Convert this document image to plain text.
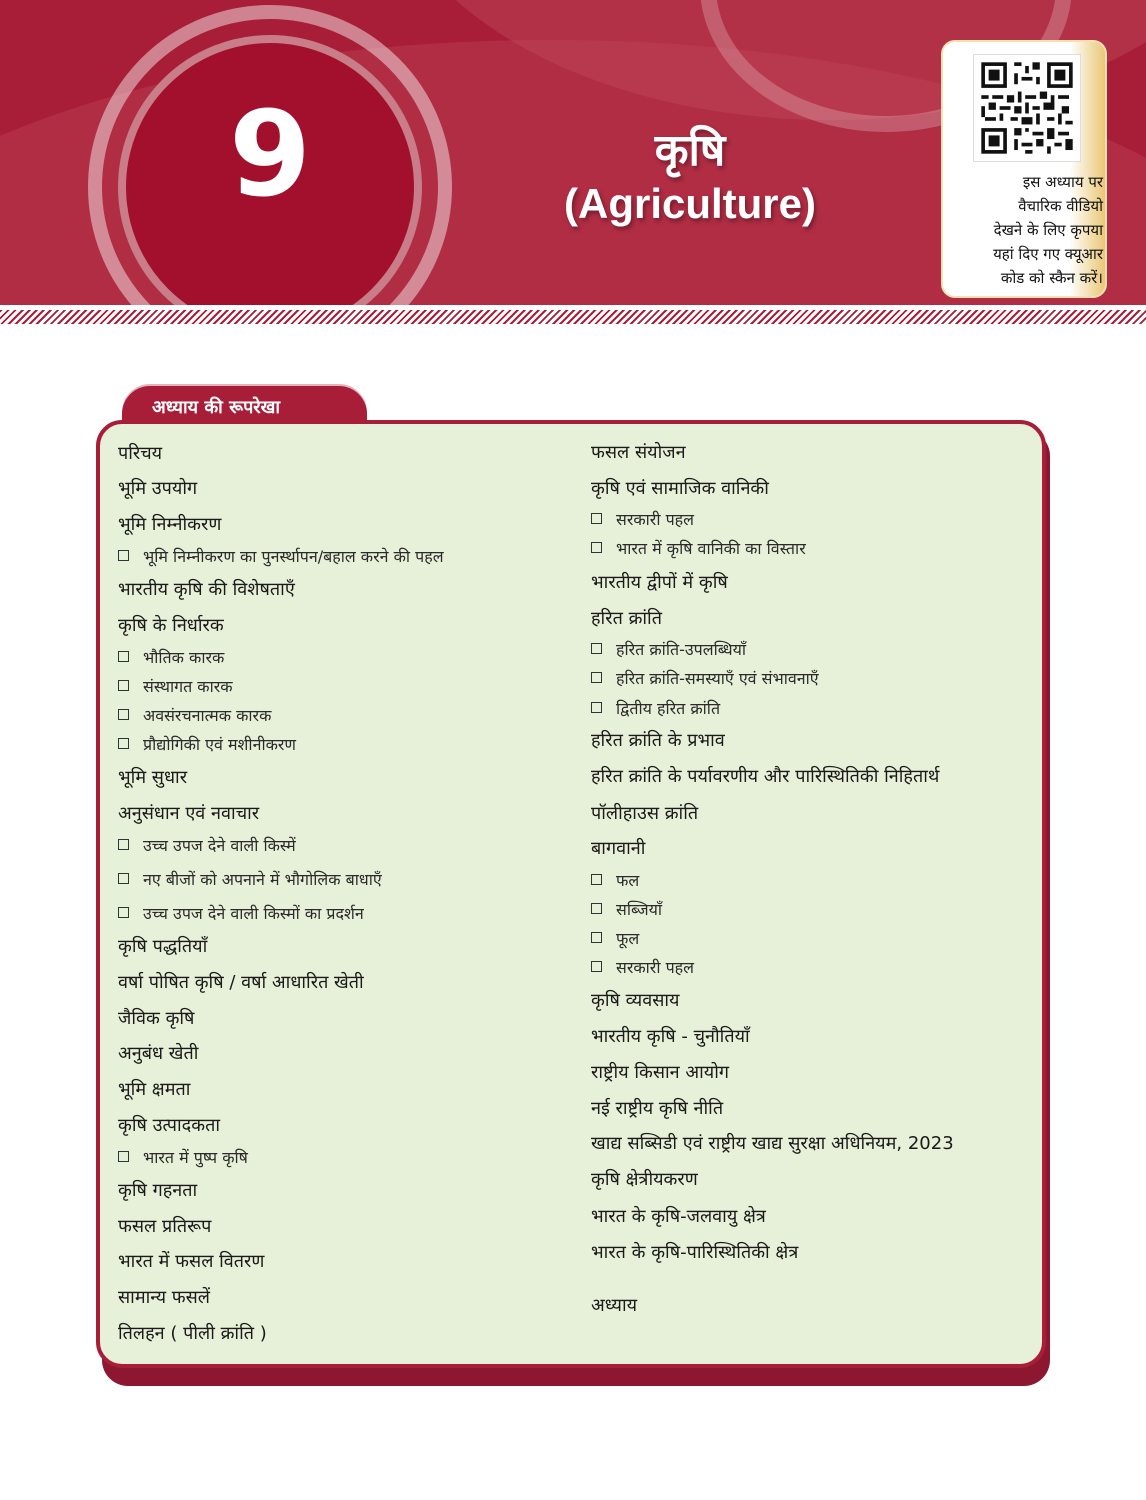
9	कृषि
(Agriculture)	इस अध्याय पर
वैचारिक वीडियो
देखने के लिए कृपया
यहां दिए गए क्यूआर
कोड को स्कैन करें।
अध्याय की रूपरेखा
परिचय
भूमि उपयोग
भूमि निम्नीकरण
भूमि निम्नीकरण का पुनर्स्थापन/बहाल करने की पहल
भारतीय कृषि की विशेषताएँ
कृषि के निर्धारक
भौतिक कारक
संस्थागत कारक
अवसंरचनात्मक कारक
प्रौद्योगिकी एवं मशीनीकरण
भूमि सुधार
अनुसंधान एवं नवाचार
उच्च उपज देने वाली किस्में
नए बीजों को अपनाने में भौगोलिक बाधाएँ
उच्च उपज देने वाली किस्मों का प्रदर्शन
कृषि पद्धतियाँ
वर्षा पोषित कृषि / वर्षा आधारित खेती
जैविक कृषि
अनुबंध खेती
भूमि क्षमता
कृषि उत्पादकता
भारत में पुष्प कृषि
कृषि गहनता
फसल प्रतिरूप
भारत में फसल वितरण
सामान्य फसलें
तिलहन ( पीली क्रांति )
फसल संयोजन
कृषि एवं सामाजिक वानिकी
सरकारी पहल
भारत में कृषि वानिकी का विस्तार
भारतीय द्वीपों में कृषि
हरित क्रांति
हरित क्रांति-उपलब्धियाँ
हरित क्रांति-समस्याएँ एवं संभावनाएँ
द्वितीय हरित क्रांति
हरित क्रांति के प्रभाव
हरित क्रांति के पर्यावरणीय और पारिस्थितिकी निहितार्थ
पॉलीहाउस क्रांति
बागवानी
फल
सब्जियाँ
फूल
सरकारी पहल
कृषि व्यवसाय
भारतीय कृषि - चुनौतियाँ
राष्ट्रीय किसान आयोग
नई राष्ट्रीय कृषि नीति
खाद्य सब्सिडी एवं राष्ट्रीय खाद्य सुरक्षा अधिनियम, 2023
कृषि क्षेत्रीयकरण
भारत के कृषि-जलवायु क्षेत्र
भारत के कृषि-पारिस्थितिकी क्षेत्र
अध्याय
